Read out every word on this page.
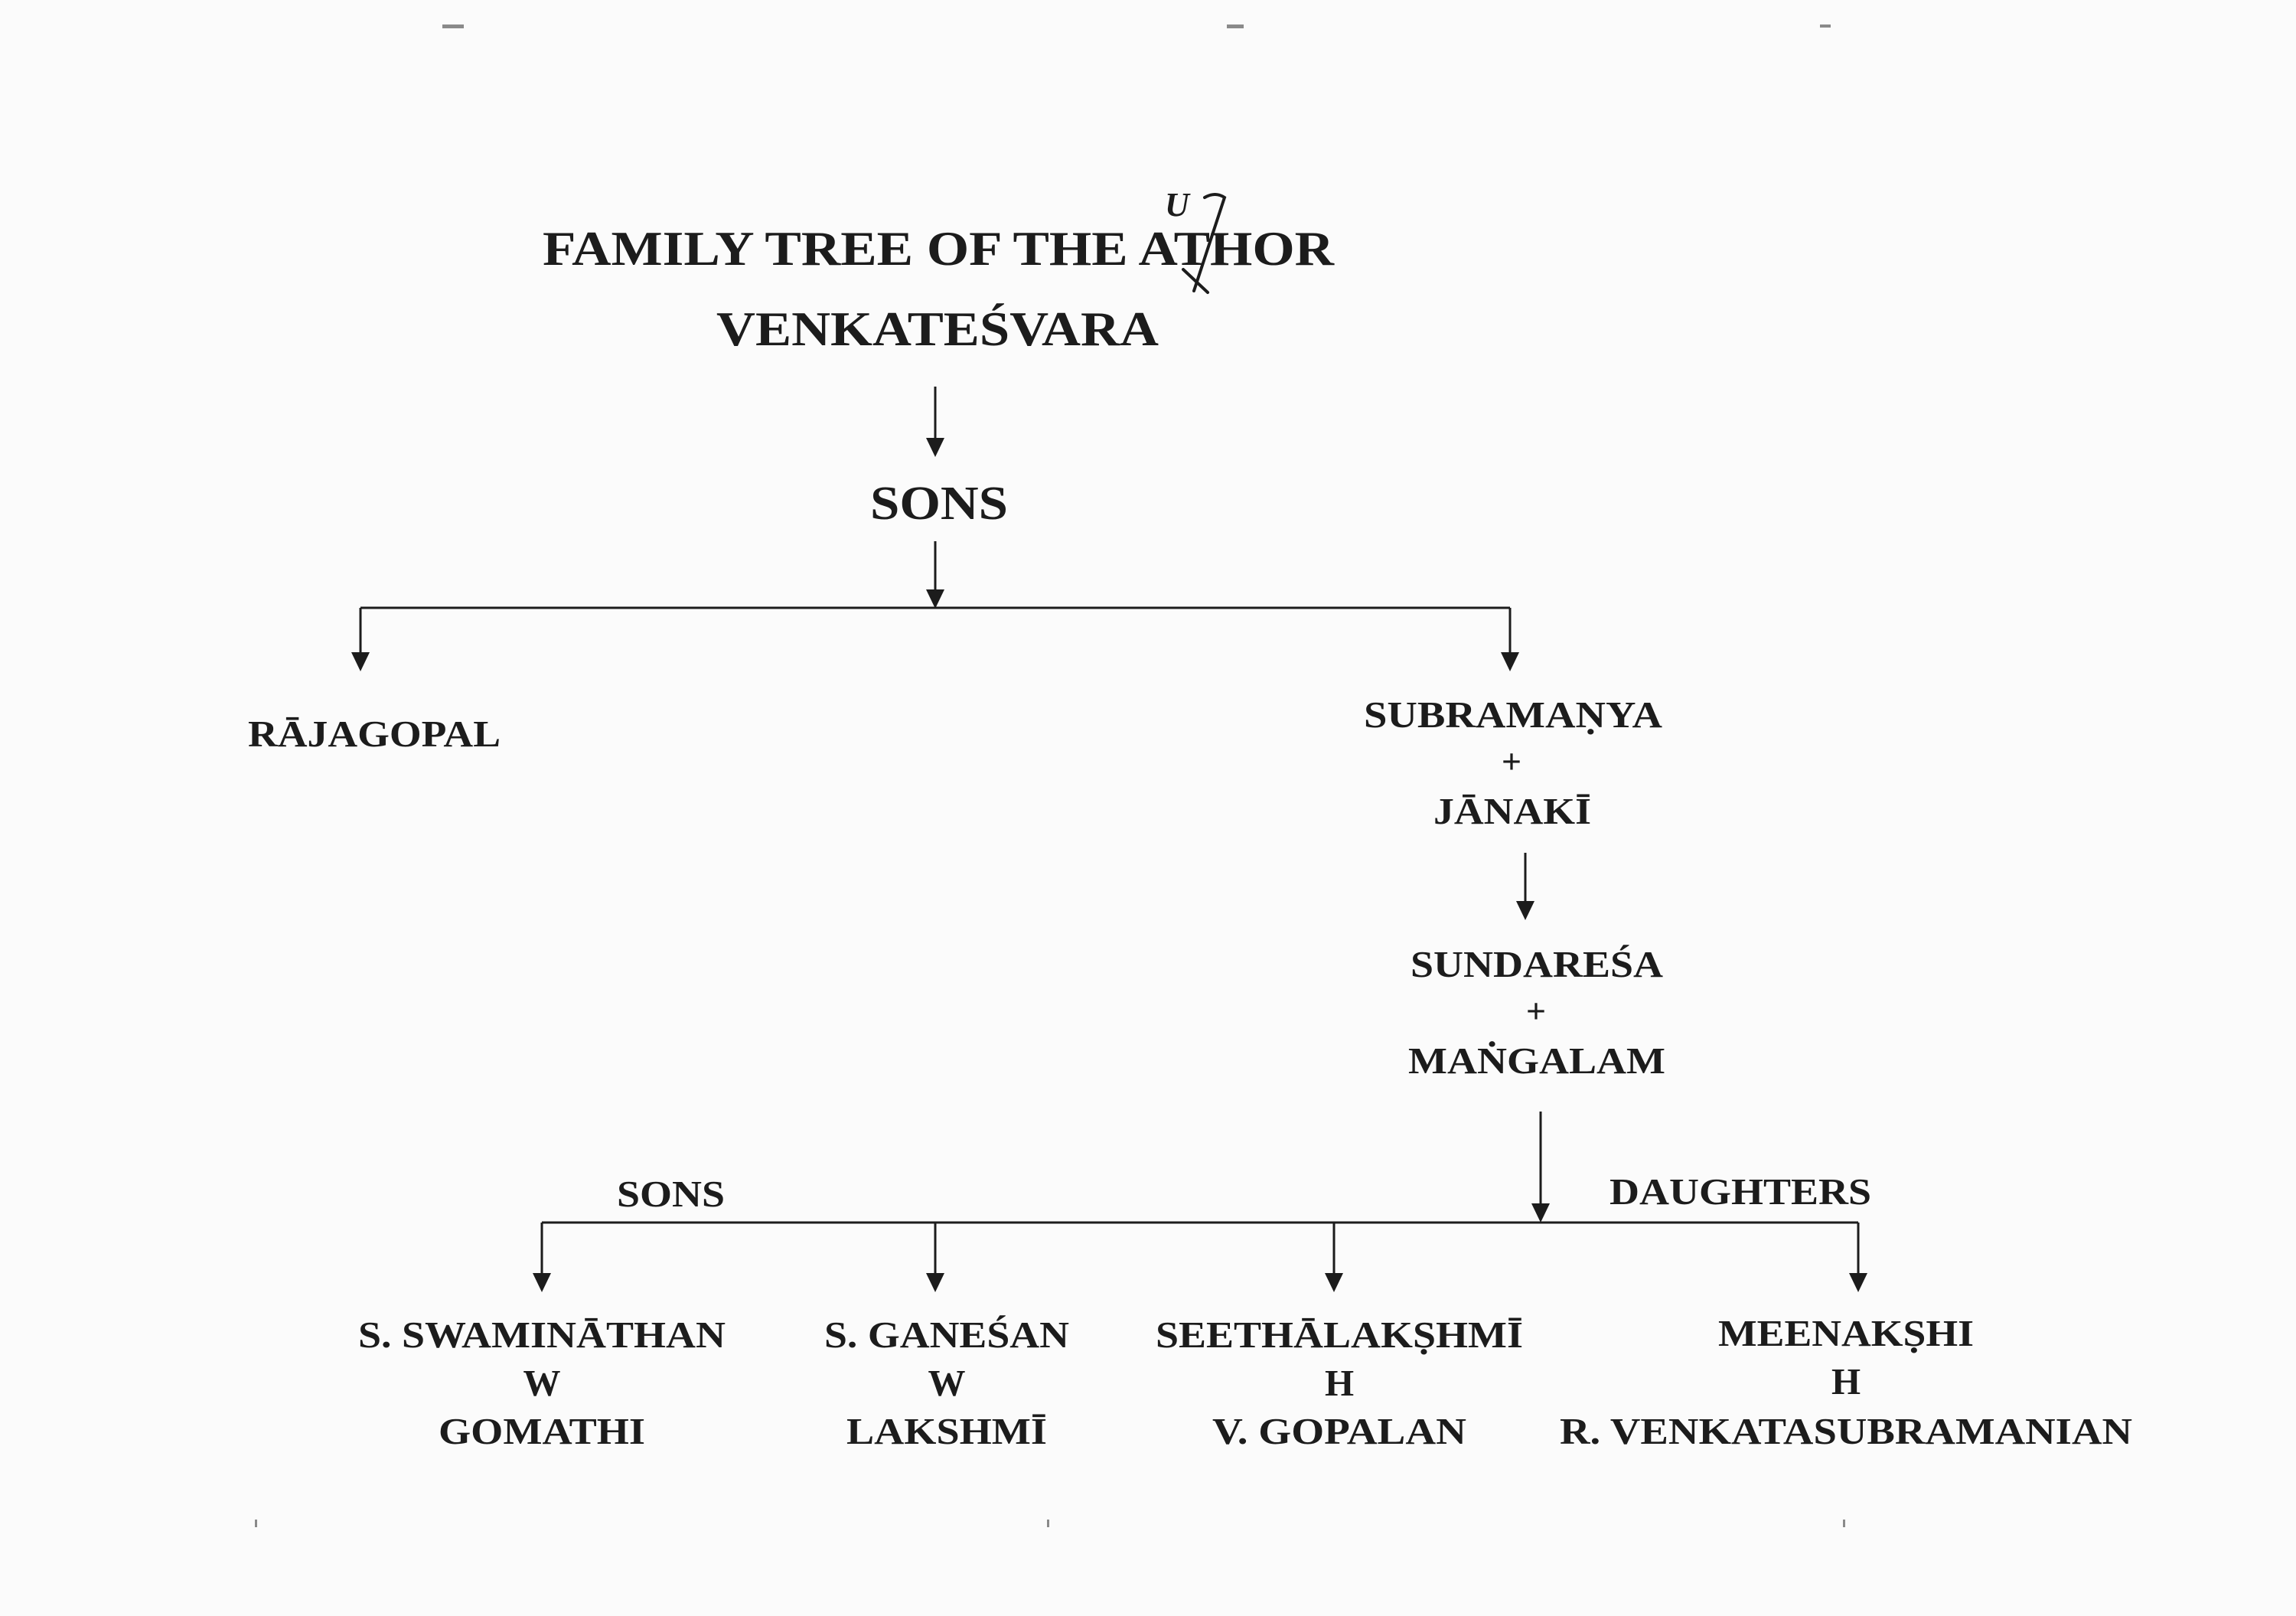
FAMILY TREE OF THE ATHOR
U
VENKATEŚVARA
SONS
RĀJAGOPAL	SUBRAMAṆYA
+
JĀNAKĪ
SUNDAREŚA
+
MAṄGALAM
SONS	DAUGHTERS
S. SWAMINĀTHAN
W
GOMATHI
S. GANEŚAN
W
LAKSHMĪ
SEETHĀLAKṢHMĪ
H
V. GOPALAN
MEENAKṢHI
H
R. VENKATASUBRAMANIAN
